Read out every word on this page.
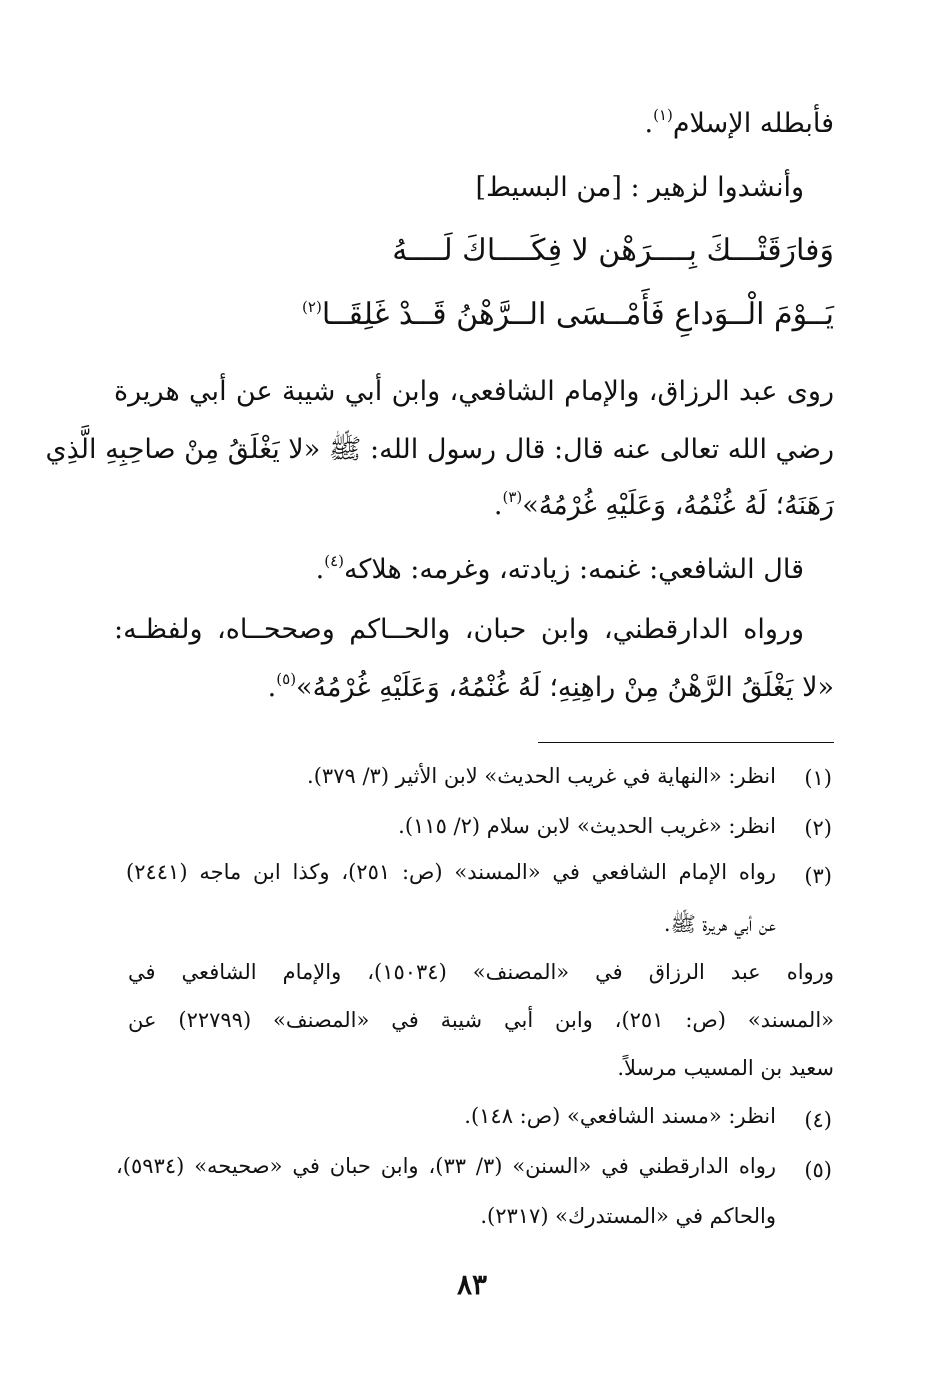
فأبطله الإسلام$^{(١)}$.
وأنشدوا لزهير : [من البسيط]
وَفارَقَتْـــكَ بِــــرَهْن لا فِكَــــاكَ لَــــهُ
يَــوْمَ الْــوَداعِ فَأَمْــسَى الــرَّهْنُ قَــدْ غَلِقَــا$^{(٢)}$
روى عبد الرزاق، والإمام الشافعي، وابن أبي شيبة عن أبي هريرة
رضي الله تعالى عنه قال: قال رسول الله: ﷺ «لا يَغْلَقُ مِنْ صاحِبِهِ الَّذِي
رَهَنَهُ؛ لَهُ غُنْمُهُ، وَعَلَيْهِ غُرْمُهُ»$^{(٣)}$.
قال الشافعي: غنمه: زيادته، وغرمه: هلاكه$^{(٤)}$.
ورواه الدارقطني، وابن حبان، والحــاكم وصححــاه، ولفظـه:
«لا يَغْلَقُ الرَّهْنُ مِنْ راهِنِهِ؛ لَهُ غُنْمُهُ، وَعَلَيْهِ غُرْمُهُ»$^{(٥)}$.
(١)
انظر: «النهاية في غريب الحديث» لابن الأثير (٣/ ٣٧٩).
(٢)
انظر: «غريب الحديث» لابن سلام (٢/ ١١٥).
(٣)
رواه الإمام الشافعي في «المسند» (ص: ٢٥١)، وكذا ابن ماجه (٢٤٤١)
عن أبي هريرة ﷺ.
ورواه عبد الرزاق في «المصنف» (١٥٠٣٤)، والإمام الشافعي في
«المسند» (ص: ٢٥١)، وابن أبي شيبة في «المصنف» (٢٢٧٩٩) عن
سعيد بن المسيب مرسلاً.
(٤)
انظر: «مسند الشافعي» (ص: ١٤٨).
(٥)
رواه الدارقطني في «السنن» (٣/ ٣٣)، وابن حبان في «صحيحه» (٥٩٣٤)،
والحاكم في «المستدرك» (٢٣١٧).
٨٣
